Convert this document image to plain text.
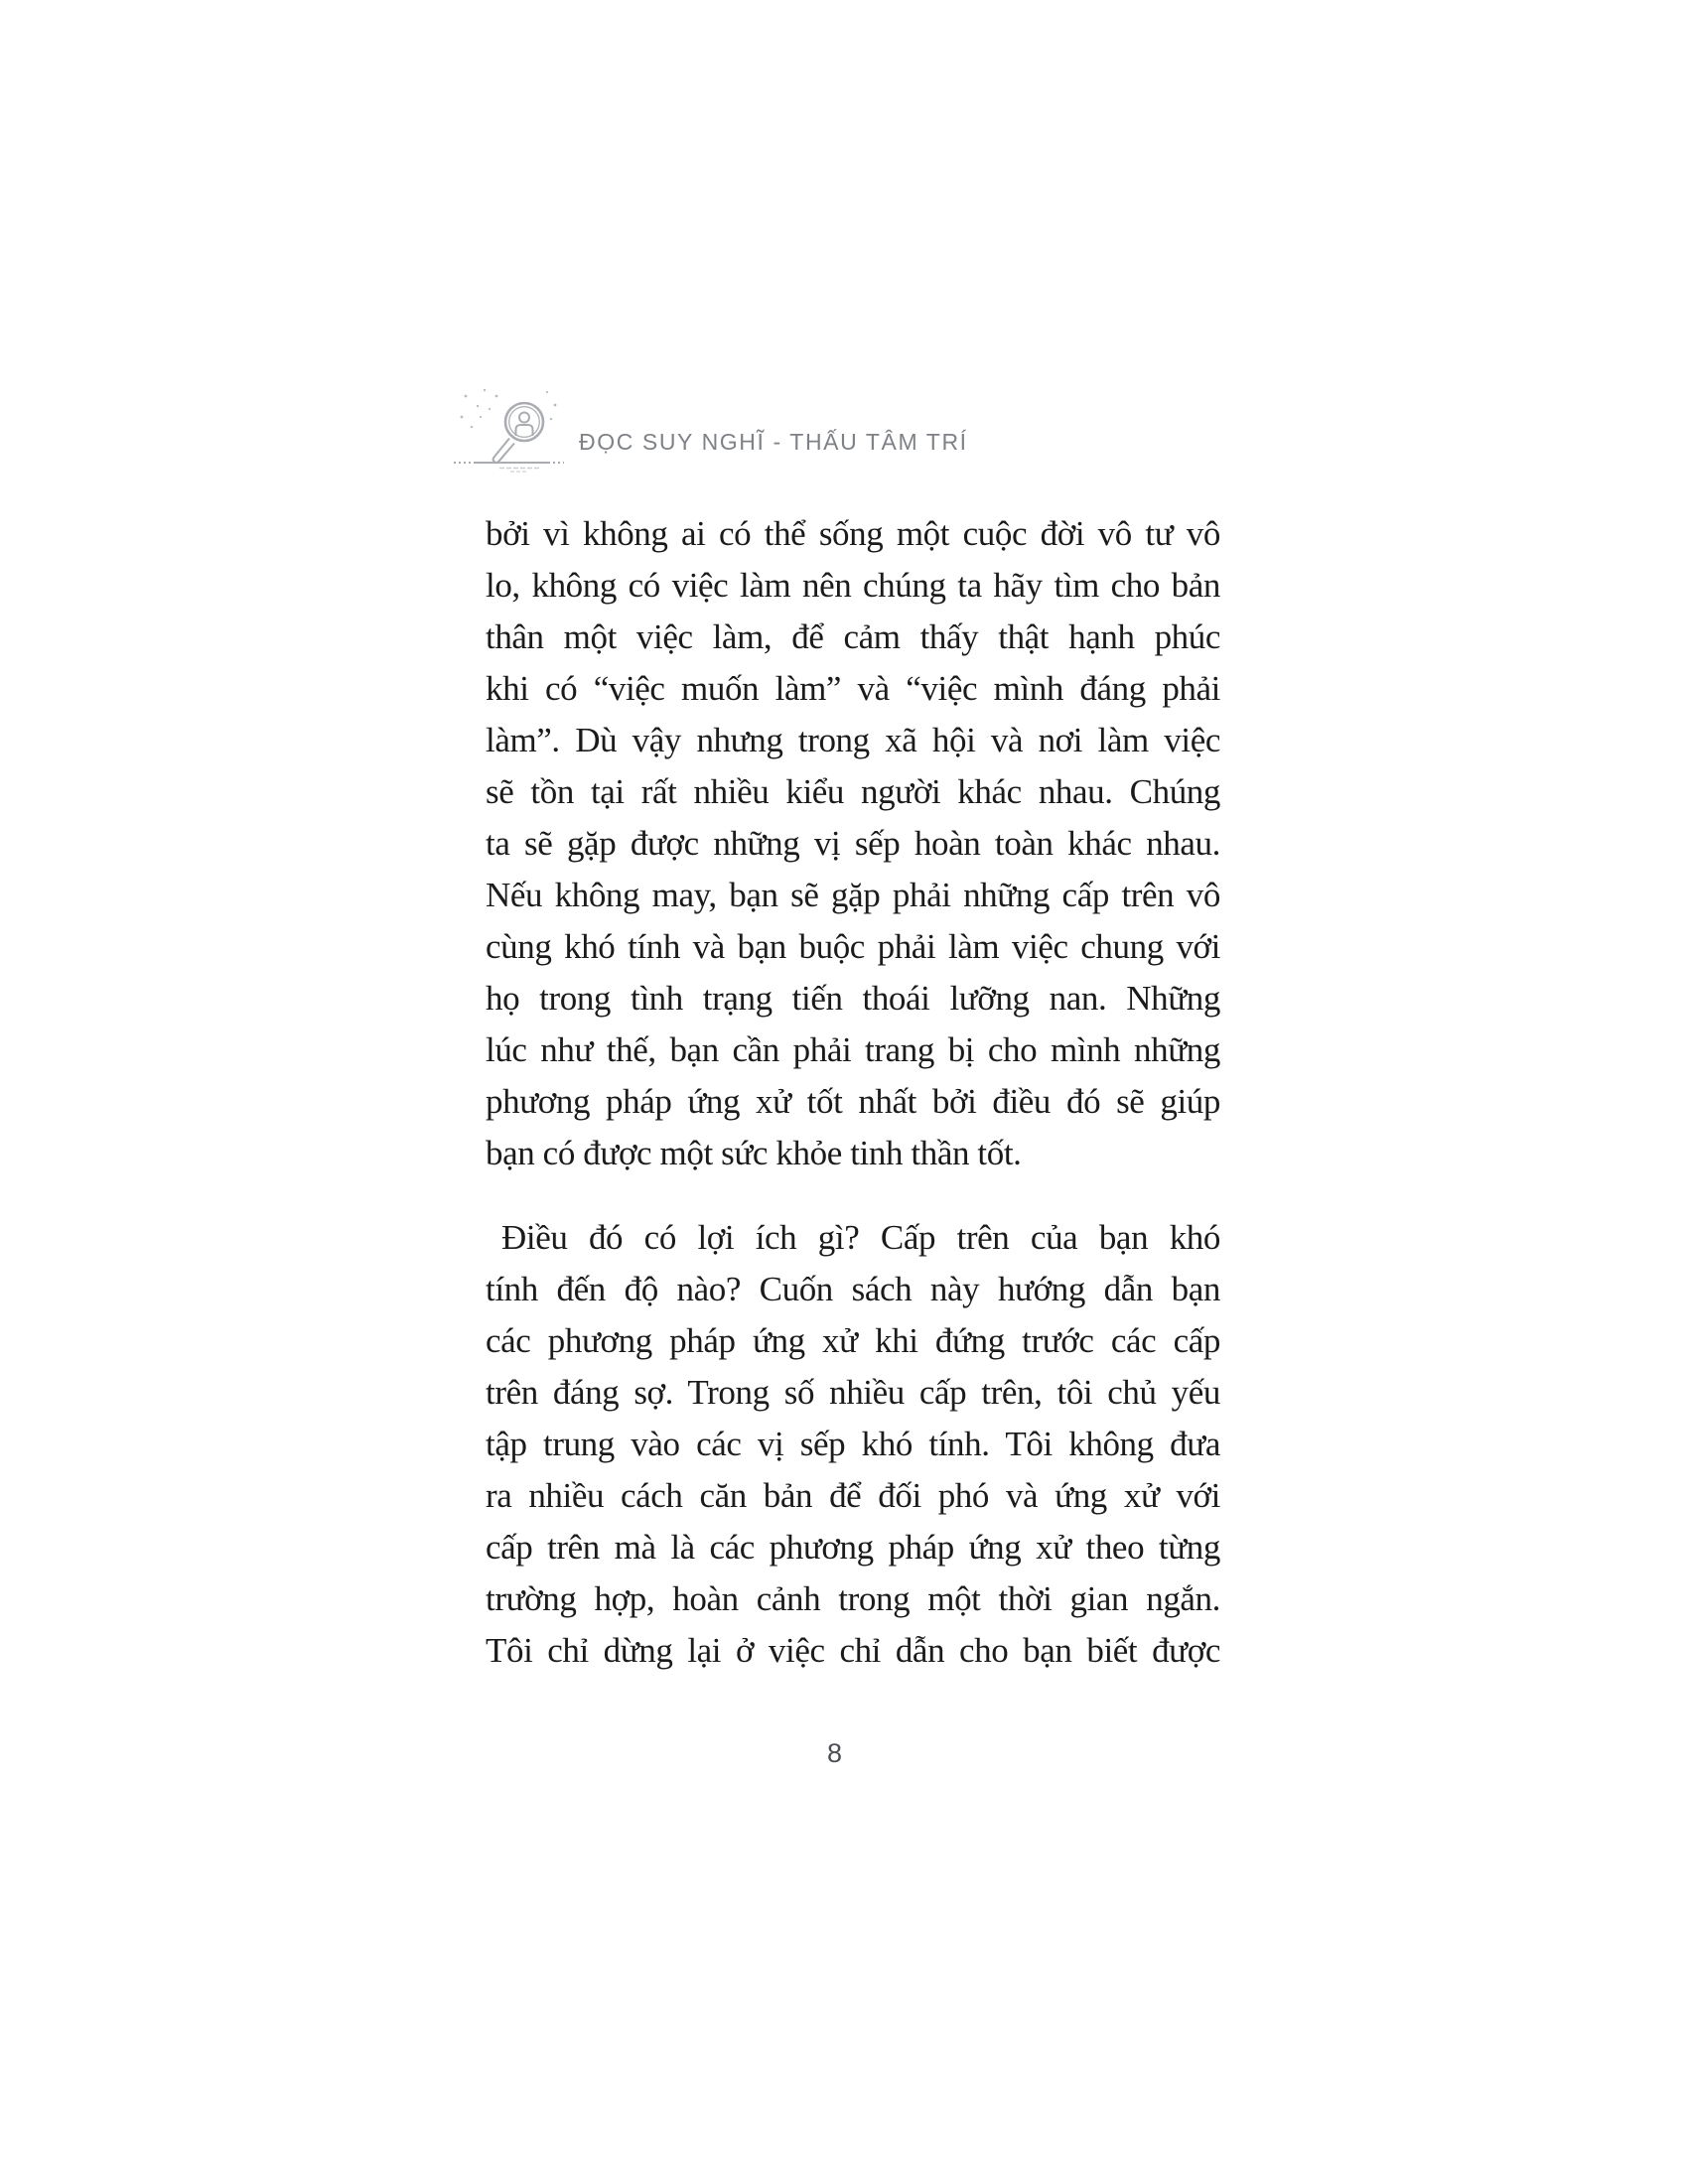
ĐỌC SUY NGHĨ - THẤU TÂM TRÍ
bởi vì không ai có thể sống một cuộc đời vô tư vô
lo, không có việc làm nên chúng ta hãy tìm cho bản
thân một việc làm, để cảm thấy thật hạnh phúc
khi có “việc muốn làm” và “việc mình đáng phải
làm”. Dù vậy nhưng trong xã hội và nơi làm việc
sẽ tồn tại rất nhiều kiểu người khác nhau. Chúng
ta sẽ gặp được những vị sếp hoàn toàn khác nhau.
Nếu không may, bạn sẽ gặp phải những cấp trên vô
cùng khó tính và bạn buộc phải làm việc chung với
họ trong tình trạng tiến thoái lưỡng nan. Những
lúc như thế, bạn cần phải trang bị cho mình những
phương pháp ứng xử tốt nhất bởi điều đó sẽ giúp
bạn có được một sức khỏe tinh thần tốt.
Điều đó có lợi ích gì? Cấp trên của bạn khó
tính đến độ nào? Cuốn sách này hướng dẫn bạn
các phương pháp ứng xử khi đứng trước các cấp
trên đáng sợ. Trong số nhiều cấp trên, tôi chủ yếu
tập trung vào các vị sếp khó tính. Tôi không đưa
ra nhiều cách căn bản để đối phó và ứng xử với
cấp trên mà là các phương pháp ứng xử theo từng
trường hợp, hoàn cảnh trong một thời gian ngắn.
Tôi chỉ dừng lại ở việc chỉ dẫn cho bạn biết được
8
